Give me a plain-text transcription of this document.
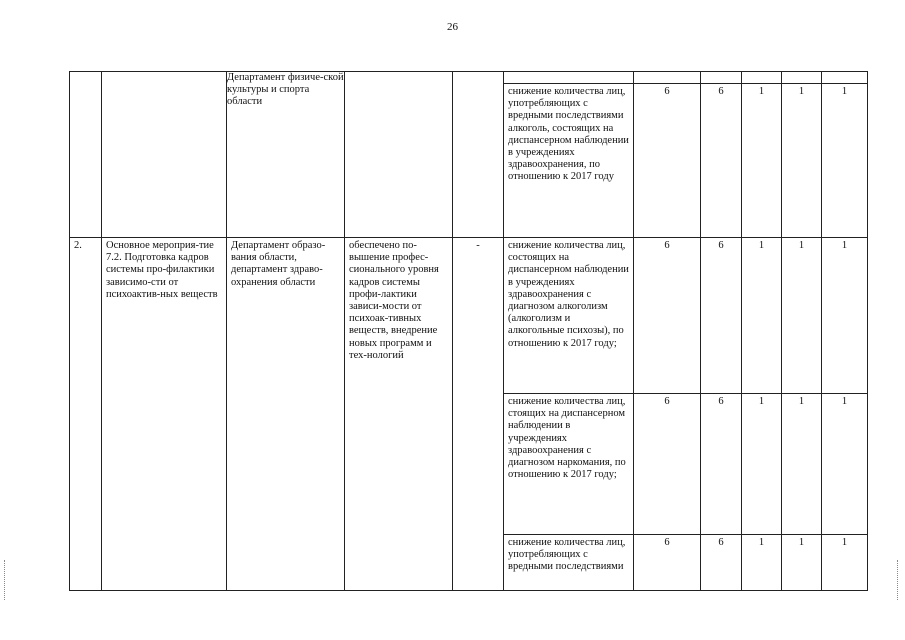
26
		Департамент физиче-ской культуры и спорта области								
					снижение количества лиц, употребляющих с вредными последствиями алкоголь, состоящих на диспансерном наблюдении в учреждениях здравоохранения, по отношению к 2017 году	6	6	1	1	1
2.	Основное мероприя-тие 7.2. Подготовка кадров системы про-филактики зависимо-сти от психоактив-ных веществ	Департамент образо-вания области, департамент здраво-охранения области	обеспечено по-вышение профес-сионального уровня кадров системы профи-лактики зависи-мости от психоак-тивных веществ, внедрение новых программ и тех-нологий	-	снижение количества лиц, состоящих на диспансерном наблюдении в учреждениях здравоохранения с диагнозом алкоголизм (алкоголизм и алкогольные психозы), по отношению к 2017 году;	6	6	1	1	1
					снижение количества лиц, стоящих на диспансерном наблюдении в учреждениях здравоохранения с диагнозом наркомания, по отношению к 2017 году;	6	6	1	1	1
					снижение количества лиц, употребляющих с вредными последствиями	6	6	1	1	1
